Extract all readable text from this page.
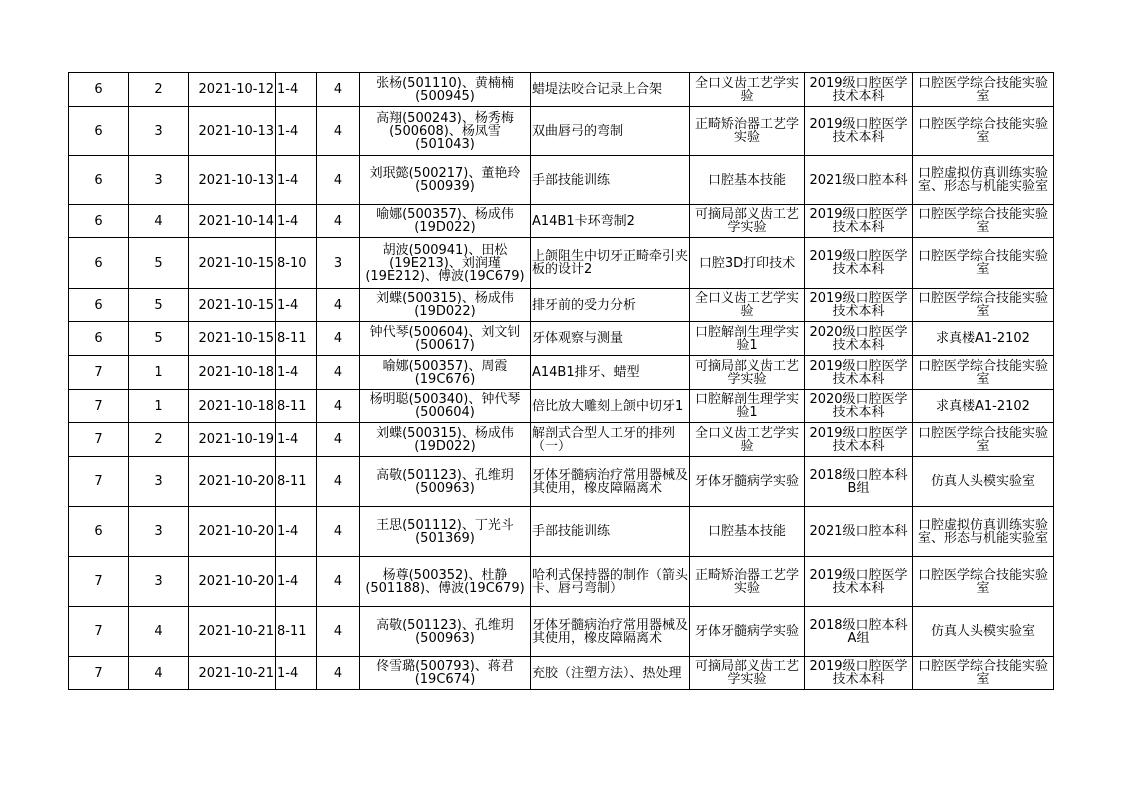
6	2	2021-10-12	1-4	4	张杨(501110)、黄楠楠(500945)	蜡堤法咬合记录上合架	全口义齿工艺学实验	2019级口腔医学技术本科	口腔医学综合技能实验室
6	3	2021-10-13	1-4	4	高翔(500243)、杨秀梅(500608)、杨凤雪(501043)	双曲唇弓的弯制	正畸矫治器工艺学实验	2019级口腔医学技术本科	口腔医学综合技能实验室
6	3	2021-10-13	1-4	4	刘珉懿(500217)、董艳玲(500939)	手部技能训练	口腔基本技能	2021级口腔本科	口腔虚拟仿真训练实验室、形态与机能实验室
6	4	2021-10-14	1-4	4	喻娜(500357)、杨成伟(19D022)	A14B1卡环弯制2	可摘局部义齿工艺学实验	2019级口腔医学技术本科	口腔医学综合技能实验室
6	5	2021-10-15	8-10	3	胡波(500941)、田松(19E213)、刘润瑾(19E212)、傅波(19C679)	上颌阻生中切牙正畸牵引夹板的设计2	口腔3D打印技术	2019级口腔医学技术本科	口腔医学综合技能实验室
6	5	2021-10-15	1-4	4	刘蝶(500315)、杨成伟(19D022)	排牙前的受力分析	全口义齿工艺学实验	2019级口腔医学技术本科	口腔医学综合技能实验室
6	5	2021-10-15	8-11	4	钟代琴(500604)、刘文钊(500617)	牙体观察与测量	口腔解剖生理学实验1	2020级口腔医学技术本科	求真楼A1-2102
7	1	2021-10-18	1-4	4	喻娜(500357)、周霞(19C676)	A14B1排牙、蜡型	可摘局部义齿工艺学实验	2019级口腔医学技术本科	口腔医学综合技能实验室
7	1	2021-10-18	8-11	4	杨明聪(500340)、钟代琴(500604)	倍比放大雕刻上颌中切牙1	口腔解剖生理学实验1	2020级口腔医学技术本科	求真楼A1-2102
7	2	2021-10-19	1-4	4	刘蝶(500315)、杨成伟(19D022)	解剖式合型人工牙的排列（一）	全口义齿工艺学实验	2019级口腔医学技术本科	口腔医学综合技能实验室
7	3	2021-10-20	8-11	4	高敬(501123)、孔维玥(500963)	牙体牙髓病治疗常用器械及其使用，橡皮障隔离术	牙体牙髓病学实验	2018级口腔本科B组	仿真人头模实验室
6	3	2021-10-20	1-4	4	王思(501112)、丁光斗(501369)	手部技能训练	口腔基本技能	2021级口腔本科	口腔虚拟仿真训练实验室、形态与机能实验室
7	3	2021-10-20	1-4	4	杨尊(500352)、杜静(501188)、傅波(19C679)	哈利式保持器的制作（箭头卡、唇弓弯制）	正畸矫治器工艺学实验	2019级口腔医学技术本科	口腔医学综合技能实验室
7	4	2021-10-21	8-11	4	高敬(501123)、孔维玥(500963)	牙体牙髓病治疗常用器械及其使用，橡皮障隔离术	牙体牙髓病学实验	2018级口腔本科A组	仿真人头模实验室
7	4	2021-10-21	1-4	4	佟雪璐(500793)、蒋君(19C674)	充胶（注塑方法）、热处理	可摘局部义齿工艺学实验	2019级口腔医学技术本科	口腔医学综合技能实验室
